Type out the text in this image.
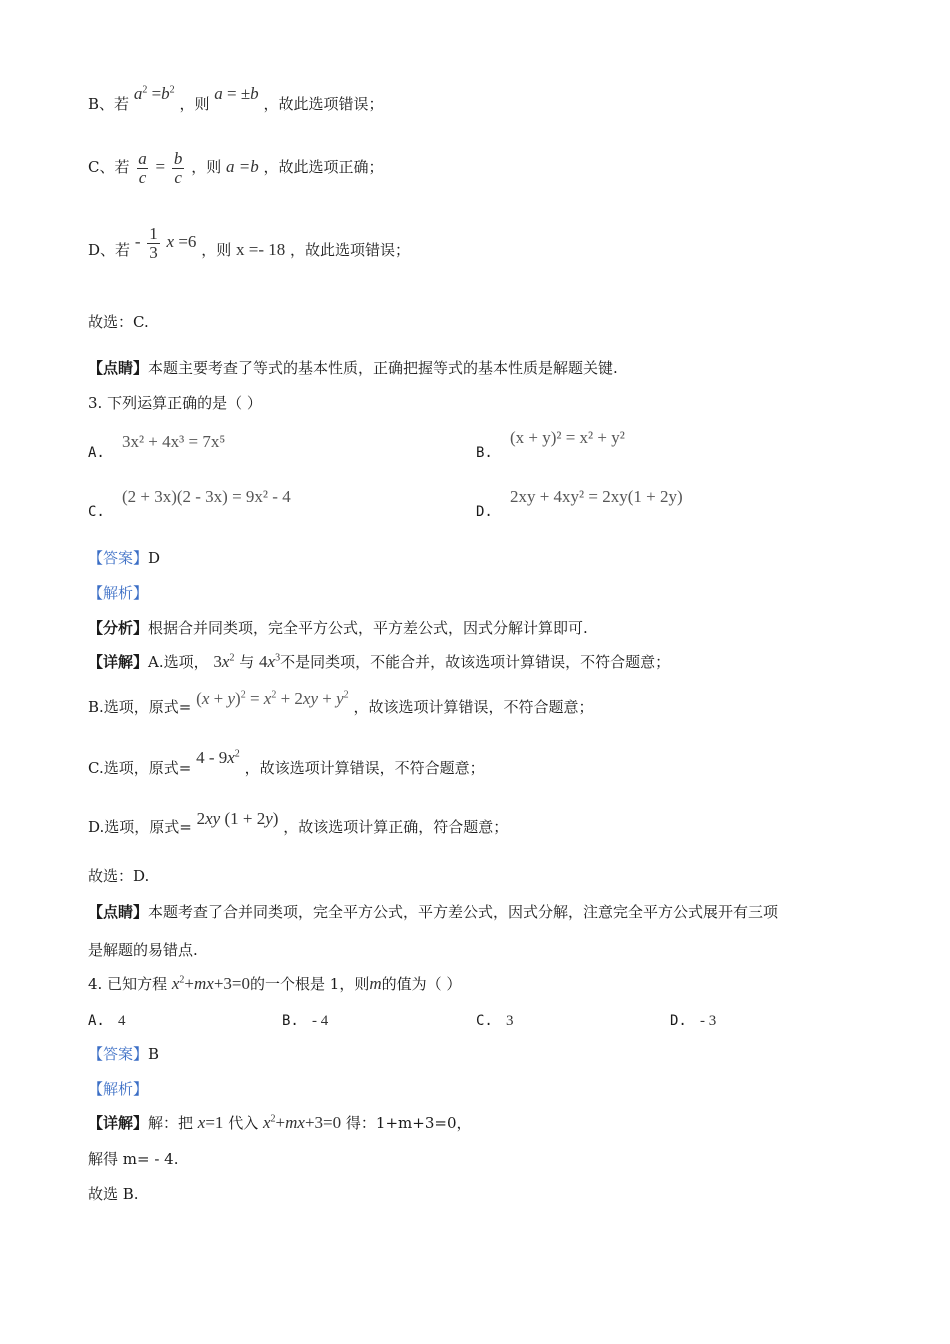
B、若 $a^2 =b^2$ ，则 a = ±b ，故此选项错误；
C、若 $\frac{a}{c} = \frac{b}{c}$ ，则 a =b ，故此选项正确；
D、若 - $\frac{1}{3}$ x =6 ，则 x =- 18 ，故此选项错误；
故选：C.
【点睛】本题主要考查了等式的基本性质，正确把握等式的基本性质是解题关键.
3. 下列运算正确的是（ ）
A. 3x² + 4x³ = 7x⁵
B. (x + y)² = x² + y²
C. (2 + 3x)(2 - 3x) = 9x² - 4
D. 2xy + 4xy² = 2xy(1 + 2y)
【答案】D
【解析】
【分析】根据合并同类项，完全平方公式，平方差公式，因式分解计算即可.
【详解】A.选项， $3x^2$ 与 $4x^3$不是同类项，不能合并，故该选项计算错误，不符合题意；
B.选项，原式= $(x + y)^2 = x^2 + 2xy + y^2$ ，故该选项计算错误，不符合题意；
C.选项，原式= $4 - 9x^2$ ，故该选项计算错误，不符合题意；
D.选项，原式= 2xy (1 + 2y) ，故该选项计算正确，符合题意；
故选：D.
【点睛】本题考查了合并同类项，完全平方公式，平方差公式，因式分解，注意完全平方公式展开有三项
是解题的易错点.
4. 已知方程 $x^2+mx+3=0$的一个根是 1，则m的值为（ ）
A. 4	B. - 4	C. 3	D. - 3
【答案】B
【解析】
【详解】解：把 x=1 代入 $x^2+mx+3=0$ 得：1+m+3=0，
解得 m= - 4.
故选 B.
